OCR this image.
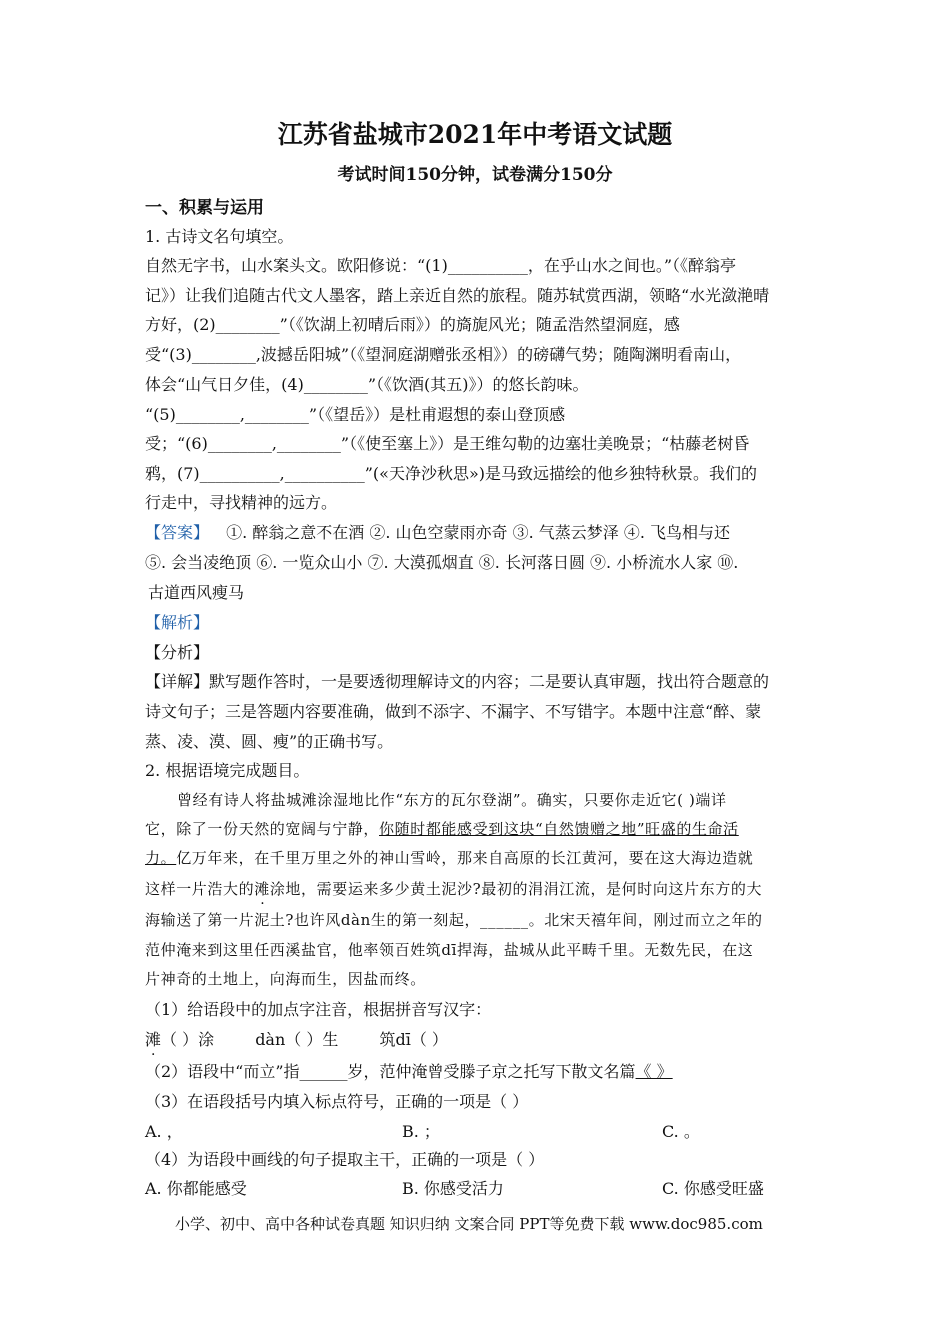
江苏省盐城市2021年中考语文试题
考试时间150分钟，试卷满分150分
一、积累与运用
1. 古诗文名句填空。
自然无字书，山水案头文。欧阳修说：“(1)__________，在乎山水之间也。”（《醉翁亭
记》）让我们追随古代文人墨客，踏上亲近自然的旅程。随苏轼赏西湖，领略“水光潋滟晴
方好，(2)________”（《饮湖上初晴后雨》）的旖旎风光；随孟浩然望洞庭，感
受“(3)________,波撼岳阳城”（《望洞庭湖赠张丞相》）的磅礴气势；随陶渊明看南山，
体会“山气日夕佳，(4)________”（《饮酒(其五)》）的悠长韵味。
“(5)________,________”（《望岳》）是杜甫遐想的泰山登顶感
受；“(6)________,________”（《使至塞上》）是王维勾勒的边塞壮美晚景；“枯藤老树昏
鸦，(7)__________,__________”(«天净沙秋思»)是马致远描绘的他乡独特秋景。我们的
行走中，寻找精神的远方。
【答案】 ①. 醉翁之意不在酒 ②. 山色空蒙雨亦奇 ③. 气蒸云梦泽 ④. 飞鸟相与还
⑤. 会当凌绝顶 ⑥. 一览众山小 ⑦. 大漠孤烟直 ⑧. 长河落日圆 ⑨. 小桥流水人家 ⑩.
古道西风瘦马
【解析】
【分析】
【详解】默写题作答时，一是要透彻理解诗文的内容；二是要认真审题，找出符合题意的
诗文句子；三是答题内容要准确，做到不添字、不漏字、不写错字。本题中注意“醉、蒙
蒸、凌、漠、圆、瘦”的正确书写。
2. 根据语境完成题目。
曾经有诗人将盐城滩涂湿地比作“东方的瓦尔登湖”。确实，只要你走近它( )端详
它，除了一份天然的宽阔与宁静，你随时都能感受到这块“自然馈赠之地”旺盛的生命活
力。亿万年来，在千里万里之外的神山雪岭，那来自高原的长江黄河，要在这大海边造就
这样一片浩大的滩涂地，需要运来多少黄土泥沙?最初的涓涓江流，是何时向这片东方的大
海输送了第一片泥土?也许风dàn生的第一刻起，______。北宋天禧年间，刚过而立之年的
范仲淹来到这里任西溪盐官，他率领百姓筑dī捍海，盐城从此平畴千里。无数先民，在这
片神奇的土地上，向海而生，因盐而终。
（1）给语段中的加点字注音，根据拼音写汉字：
滩（ ）涂 ·	dàn（ ）生	筑dī（ ）
（2）语段中“而立”指______岁，范仲淹曾受滕子京之托写下散文名篇《 》
（3）在语段括号内填入标点符号，正确的一项是（ ）
A. ，	B. ；	C. 。
（4）为语段中画线的句子提取主干，正确的一项是（ ）
A. 你都能感受	B. 你感受活力	C. 你感受旺盛
小学、初中、高中各种试卷真题 知识归纳 文案合同 PPT等免费下载 www.doc985.com
